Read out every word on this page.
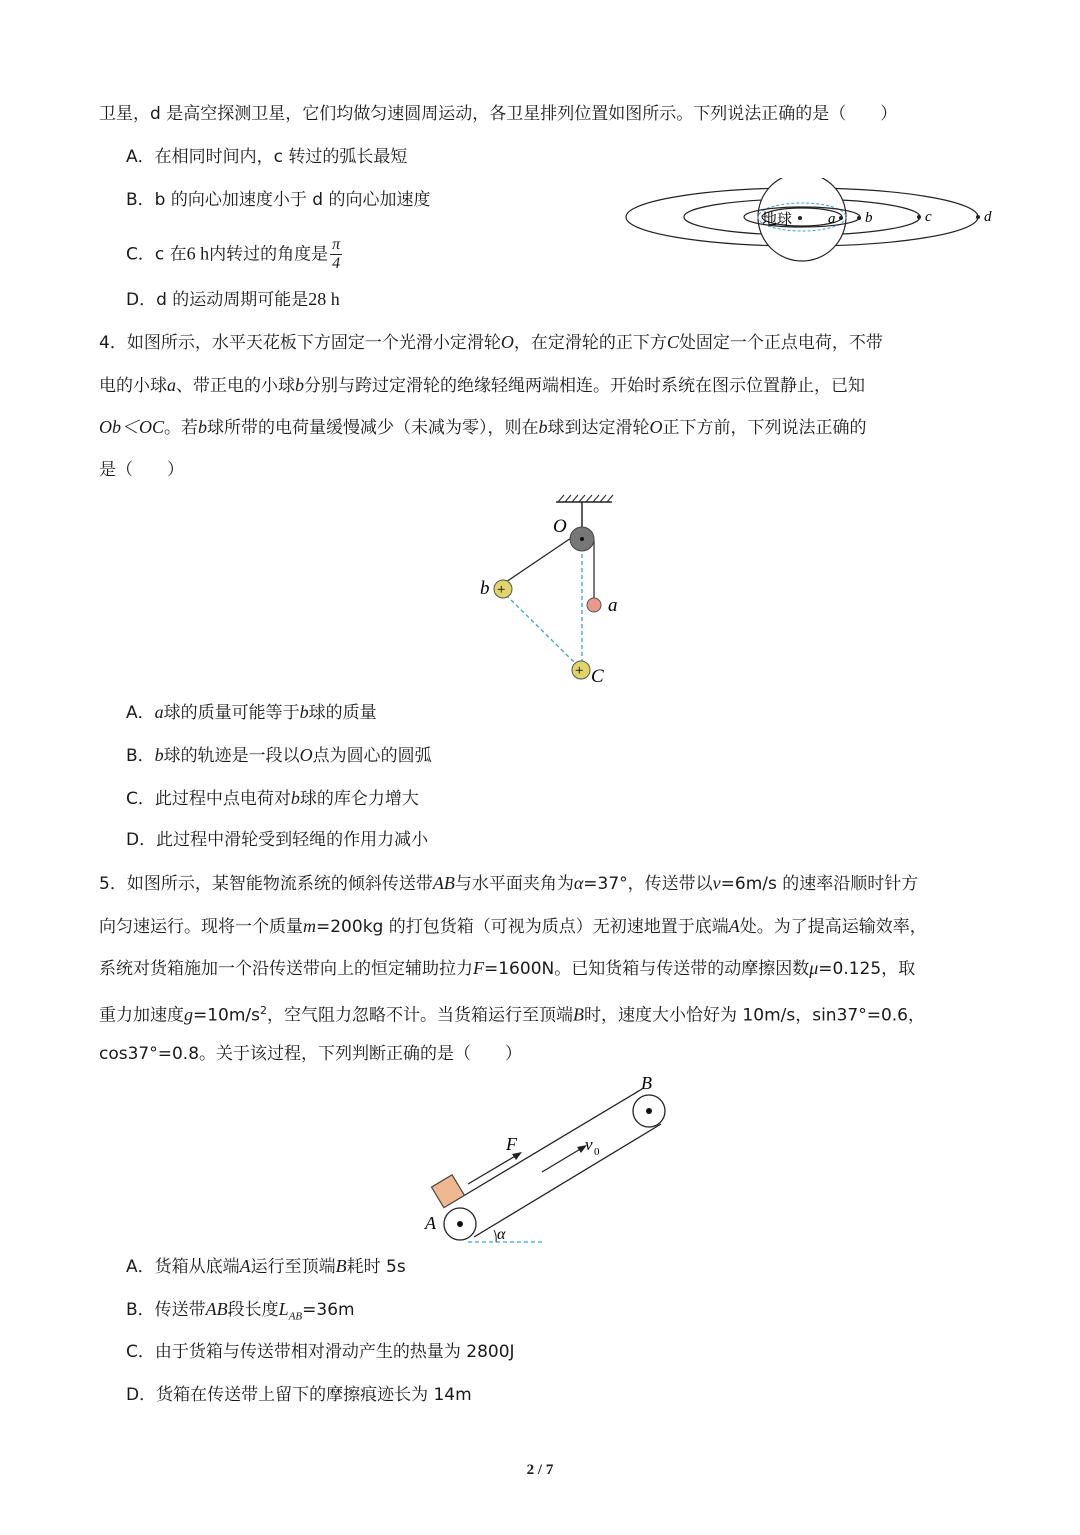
卫星，d 是高空探测卫星，它们均做匀速圆周运动，各卫星排列位置如图所示。下列说法正确的是（　　）
A．在相同时间内，c 转过的弧长最短
B．b 的向心加速度小于 d 的向心加速度
C．c 在6 h内转过的角度是 $\frac{\pi}{4}$
D．d 的运动周期可能是28 h
地球 a b	c	d
4．如图所示，水平天花板下方固定一个光滑小定滑轮O，在定滑轮的正下方C处固定一个正点电荷，不带
电的小球a、带正电的小球b分别与跨过定滑轮的绝缘轻绳两端相连。开始时系统在图示位置静止，已知
Ob＜OC。若b球所带的电荷量缓慢减少（未减为零），则在b球到达定滑轮O正下方前，下列说法正确的
是（　　）
O
+
b
a
+ C
A．a球的质量可能等于b球的质量
B．b球的轨迹是一段以O点为圆心的圆弧
C．此过程中点电荷对b球的库仑力增大
D．此过程中滑轮受到轻绳的作用力减小
5．如图所示，某智能物流系统的倾斜传送带AB与水平面夹角为α=37°，传送带以v=6m/s 的速率沿顺时针方
向匀速运行。现将一个质量m=200kg 的打包货箱（可视为质点）无初速地置于底端A处。为了提高运输效率，
系统对货箱施加一个沿传送带向上的恒定辅助拉力F=1600N。已知货箱与传送带的动摩擦因数μ=0.125，取
重力加速度$g=10m/s^2$，空气阻力忽略不计。当货箱运行至顶端B时，速度大小恰好为 10m/s，sin37°=0.6，
cos37°=0.8。关于该过程，下列判断正确的是（　　）
α
F	v 0
A
B
A．货箱从底端A运行至顶端B耗时 5s
B．传送带AB段长度$L_{AB}=36m$
C．由于货箱与传送带相对滑动产生的热量为 2800J
D．货箱在传送带上留下的摩擦痕迹长为 14m
2 / 7
